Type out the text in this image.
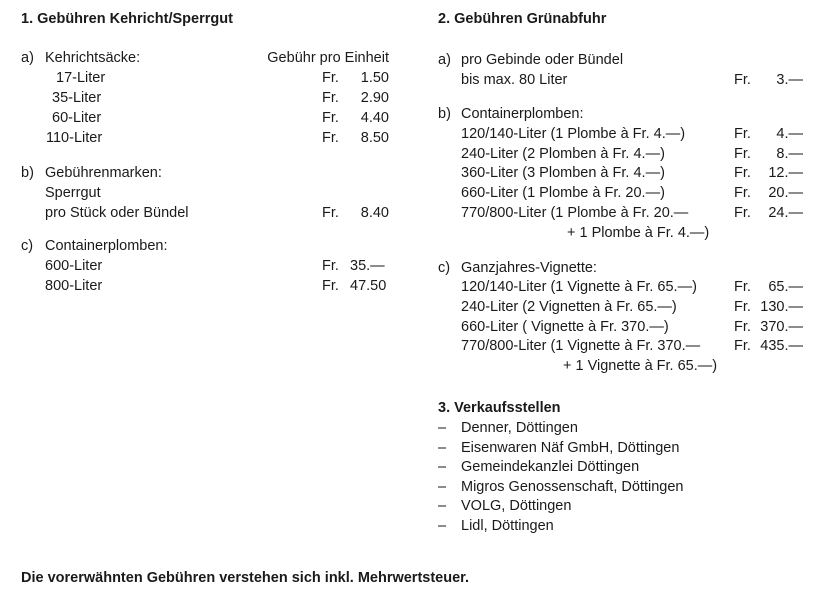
1. Gebühren Kehricht/Sperrgut
a) Kehrichtsäcke:	Gebühr pro Einheit
17-Liter	Fr. 1.50
35-Liter	Fr. 2.90
60-Liter	Fr. 4.40
110-Liter	Fr. 8.50
b) Gebührenmarken:
Sperrgut
pro Stück oder Bündel	Fr. 8.40
c) Containerplomben:
600-Liter	Fr. 35.—
800-Liter	Fr. 47.50
2. Gebühren Grünabfuhr
a) pro Gebinde oder Bündel
bis max. 80 Liter	Fr. 3.—
b) Containerplomben:
120/140-Liter (1 Plombe à Fr. 4.—)	Fr. 4.—
240-Liter (2 Plomben à Fr. 4.—)	Fr. 8.—
360-Liter (3 Plomben à Fr. 4.—)	Fr. 12.—
660-Liter (1 Plombe à Fr. 20.—)	Fr. 20.—
770/800-Liter (1 Plombe à Fr. 20.—	Fr. 24.—
+ 1 Plombe à Fr. 4.—)
c) Ganzjahres-Vignette:
120/140-Liter (1 Vignette à Fr. 65.—)	Fr. 65.—
240-Liter (2 Vignetten à Fr. 65.—)	Fr. 130.—
660-Liter ( Vignette à Fr. 370.—)	Fr. 370.—
770/800-Liter (1 Vignette à Fr. 370.— Fr. 435.—
+ 1 Vignette à Fr. 65.—)
3. Verkaufsstellen
– Denner, Döttingen
– Eisenwaren Näf GmbH, Döttingen
– Gemeindekanzlei Döttingen
– Migros Genossenschaft, Döttingen
– VOLG, Döttingen
– Lidl, Döttingen
Die vorerwähnten Gebühren verstehen sich inkl. Mehrwertsteuer.
